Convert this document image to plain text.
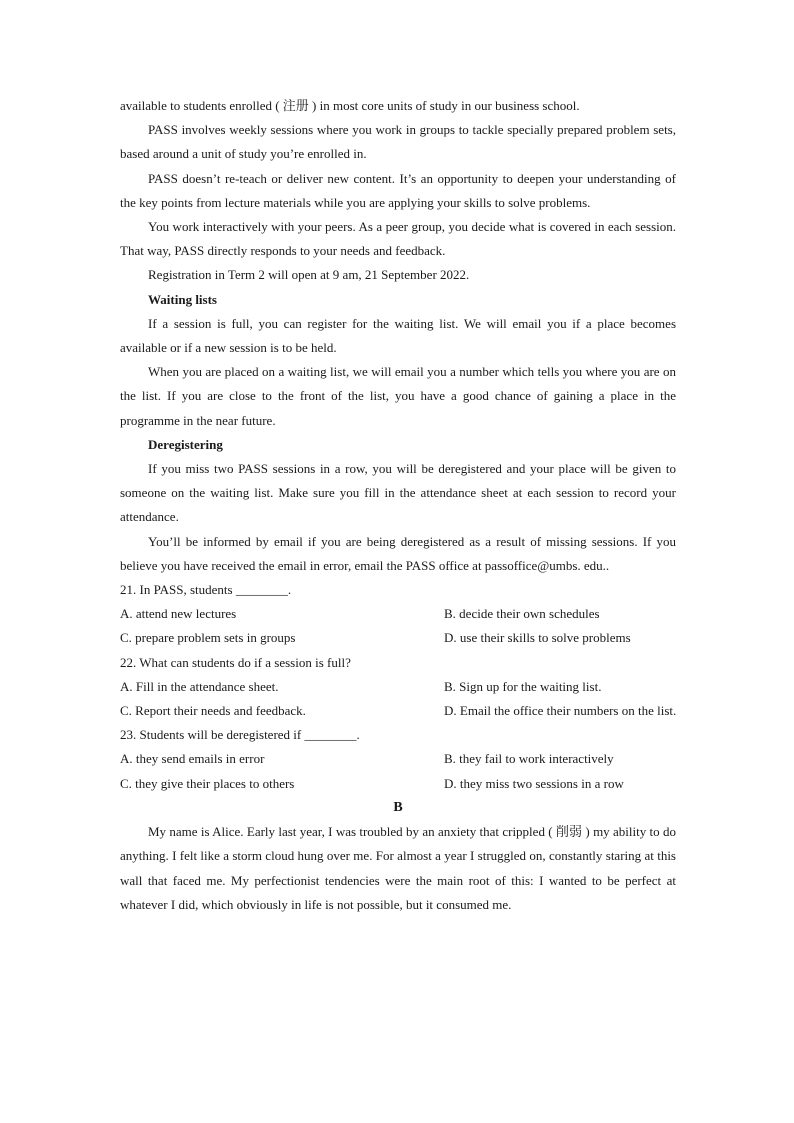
available to students enrolled ( 注册 ) in most core units of study in our business school.

PASS involves weekly sessions where you work in groups to tackle specially prepared problem sets, based around a unit of study you’re enrolled in.

PASS doesn’t re-teach or deliver new content. It’s an opportunity to deepen your understanding of the key points from lecture materials while you are applying your skills to solve problems.

You work interactively with your peers. As a peer group, you decide what is covered in each session. That way, PASS directly responds to your needs and feedback.

Registration in Term 2 will open at 9 am, 21 September 2022.

Waiting lists

If a session is full, you can register for the waiting list. We will email you if a place becomes available or if a new session is to be held.

When you are placed on a waiting list, we will email you a number which tells you where you are on the list. If you are close to the front of the list, you have a good chance of gaining a place in the programme in the near future.

Deregistering

If you miss two PASS sessions in a row, you will be deregistered and your place will be given to someone on the waiting list. Make sure you fill in the attendance sheet at each session to record your attendance.

You’ll be informed by email if you are being deregistered as a result of missing sessions. If you believe you have received the email in error, email the PASS office at passoffice@umbs. edu..

21. In PASS, students ________.

A. attend new lectures	B. decide their own schedules

C. prepare problem sets in groups	D. use their skills to solve problems

22. What can students do if a session is full?

A. Fill in the attendance sheet.	B. Sign up for the waiting list.

C. Report their needs and feedback.	D. Email the office their numbers on the list.

23. Students will be deregistered if ________.

A. they send emails in error	B. they fail to work interactively

C. they give their places to others	D. they miss two sessions in a row

B

My name is Alice. Early last year, I was troubled by an anxiety that crippled ( 削弱 ) my ability to do anything. I felt like a storm cloud hung over me. For almost a year I struggled on, constantly staring at this wall that faced me. My perfectionist tendencies were the main root of this: I wanted to be perfect at whatever I did, which obviously in life is not possible, but it consumed me.
